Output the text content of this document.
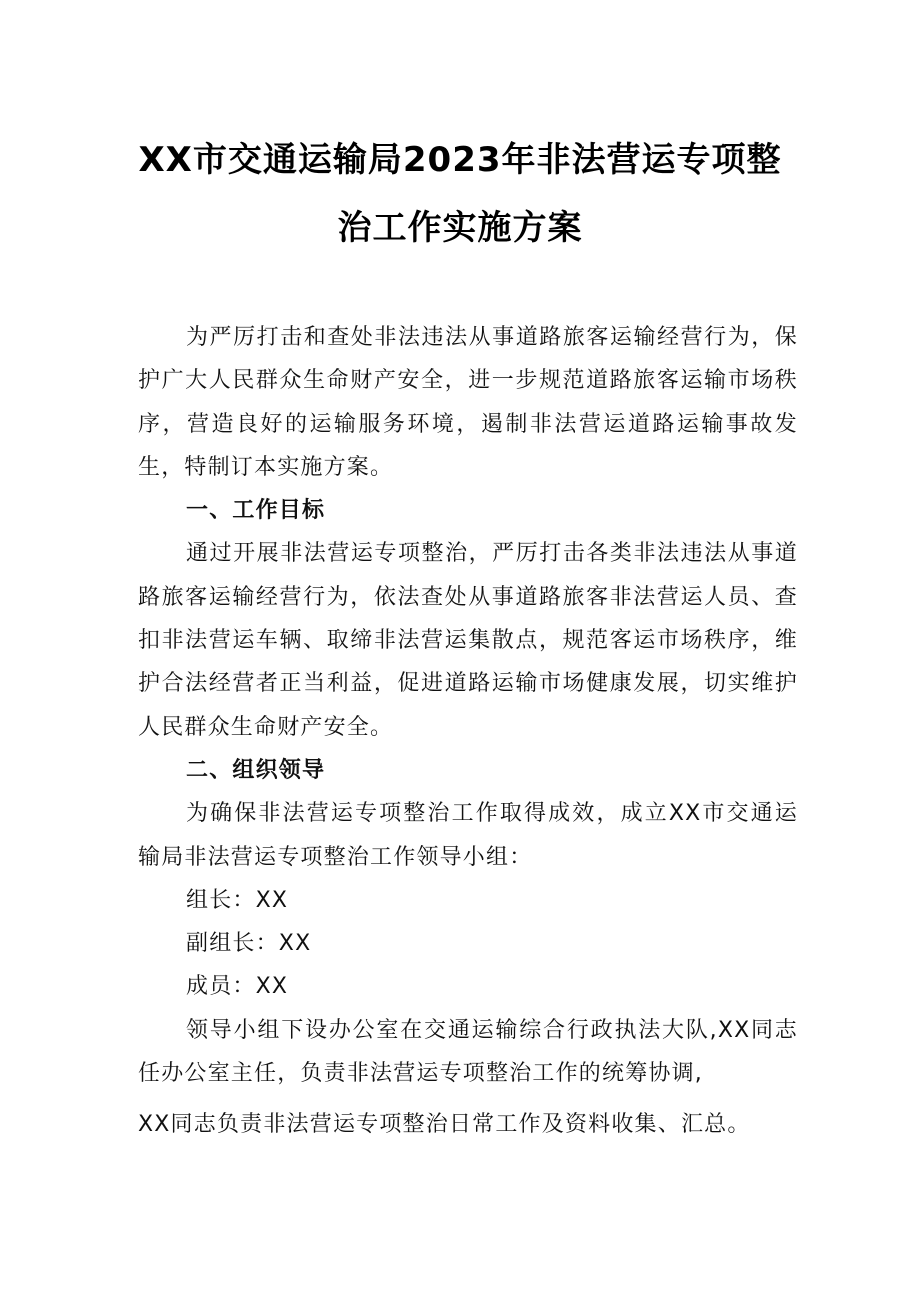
XX市交通运输局2023年非法营运专项整
治工作实施方案

为严厉打击和查处非法违法从事道路旅客运输经营行为，保护广大人民群众生命财产安全，进一步规范道路旅客运输市场秩序，营造良好的运输服务环境，遏制非法营运道路运输事故发生，特制订本实施方案。

一、工作目标

通过开展非法营运专项整治，严厉打击各类非法违法从事道路旅客运输经营行为，依法查处从事道路旅客非法营运人员、查扣非法营运车辆、取缔非法营运集散点，规范客运市场秩序，维护合法经营者正当利益，促进道路运输市场健康发展，切实维护人民群众生命财产安全。

二、组织领导

为确保非法营运专项整治工作取得成效，成立XX市交通运输局非法营运专项整治工作领导小组：

组长：XX

副组长：XX

成员：XX

领导小组下设办公室在交通运输综合行政执法大队,XX同志任办公室主任，负责非法营运专项整治工作的统筹协调,

XX同志负责非法营运专项整治日常工作及资料收集、汇总。
